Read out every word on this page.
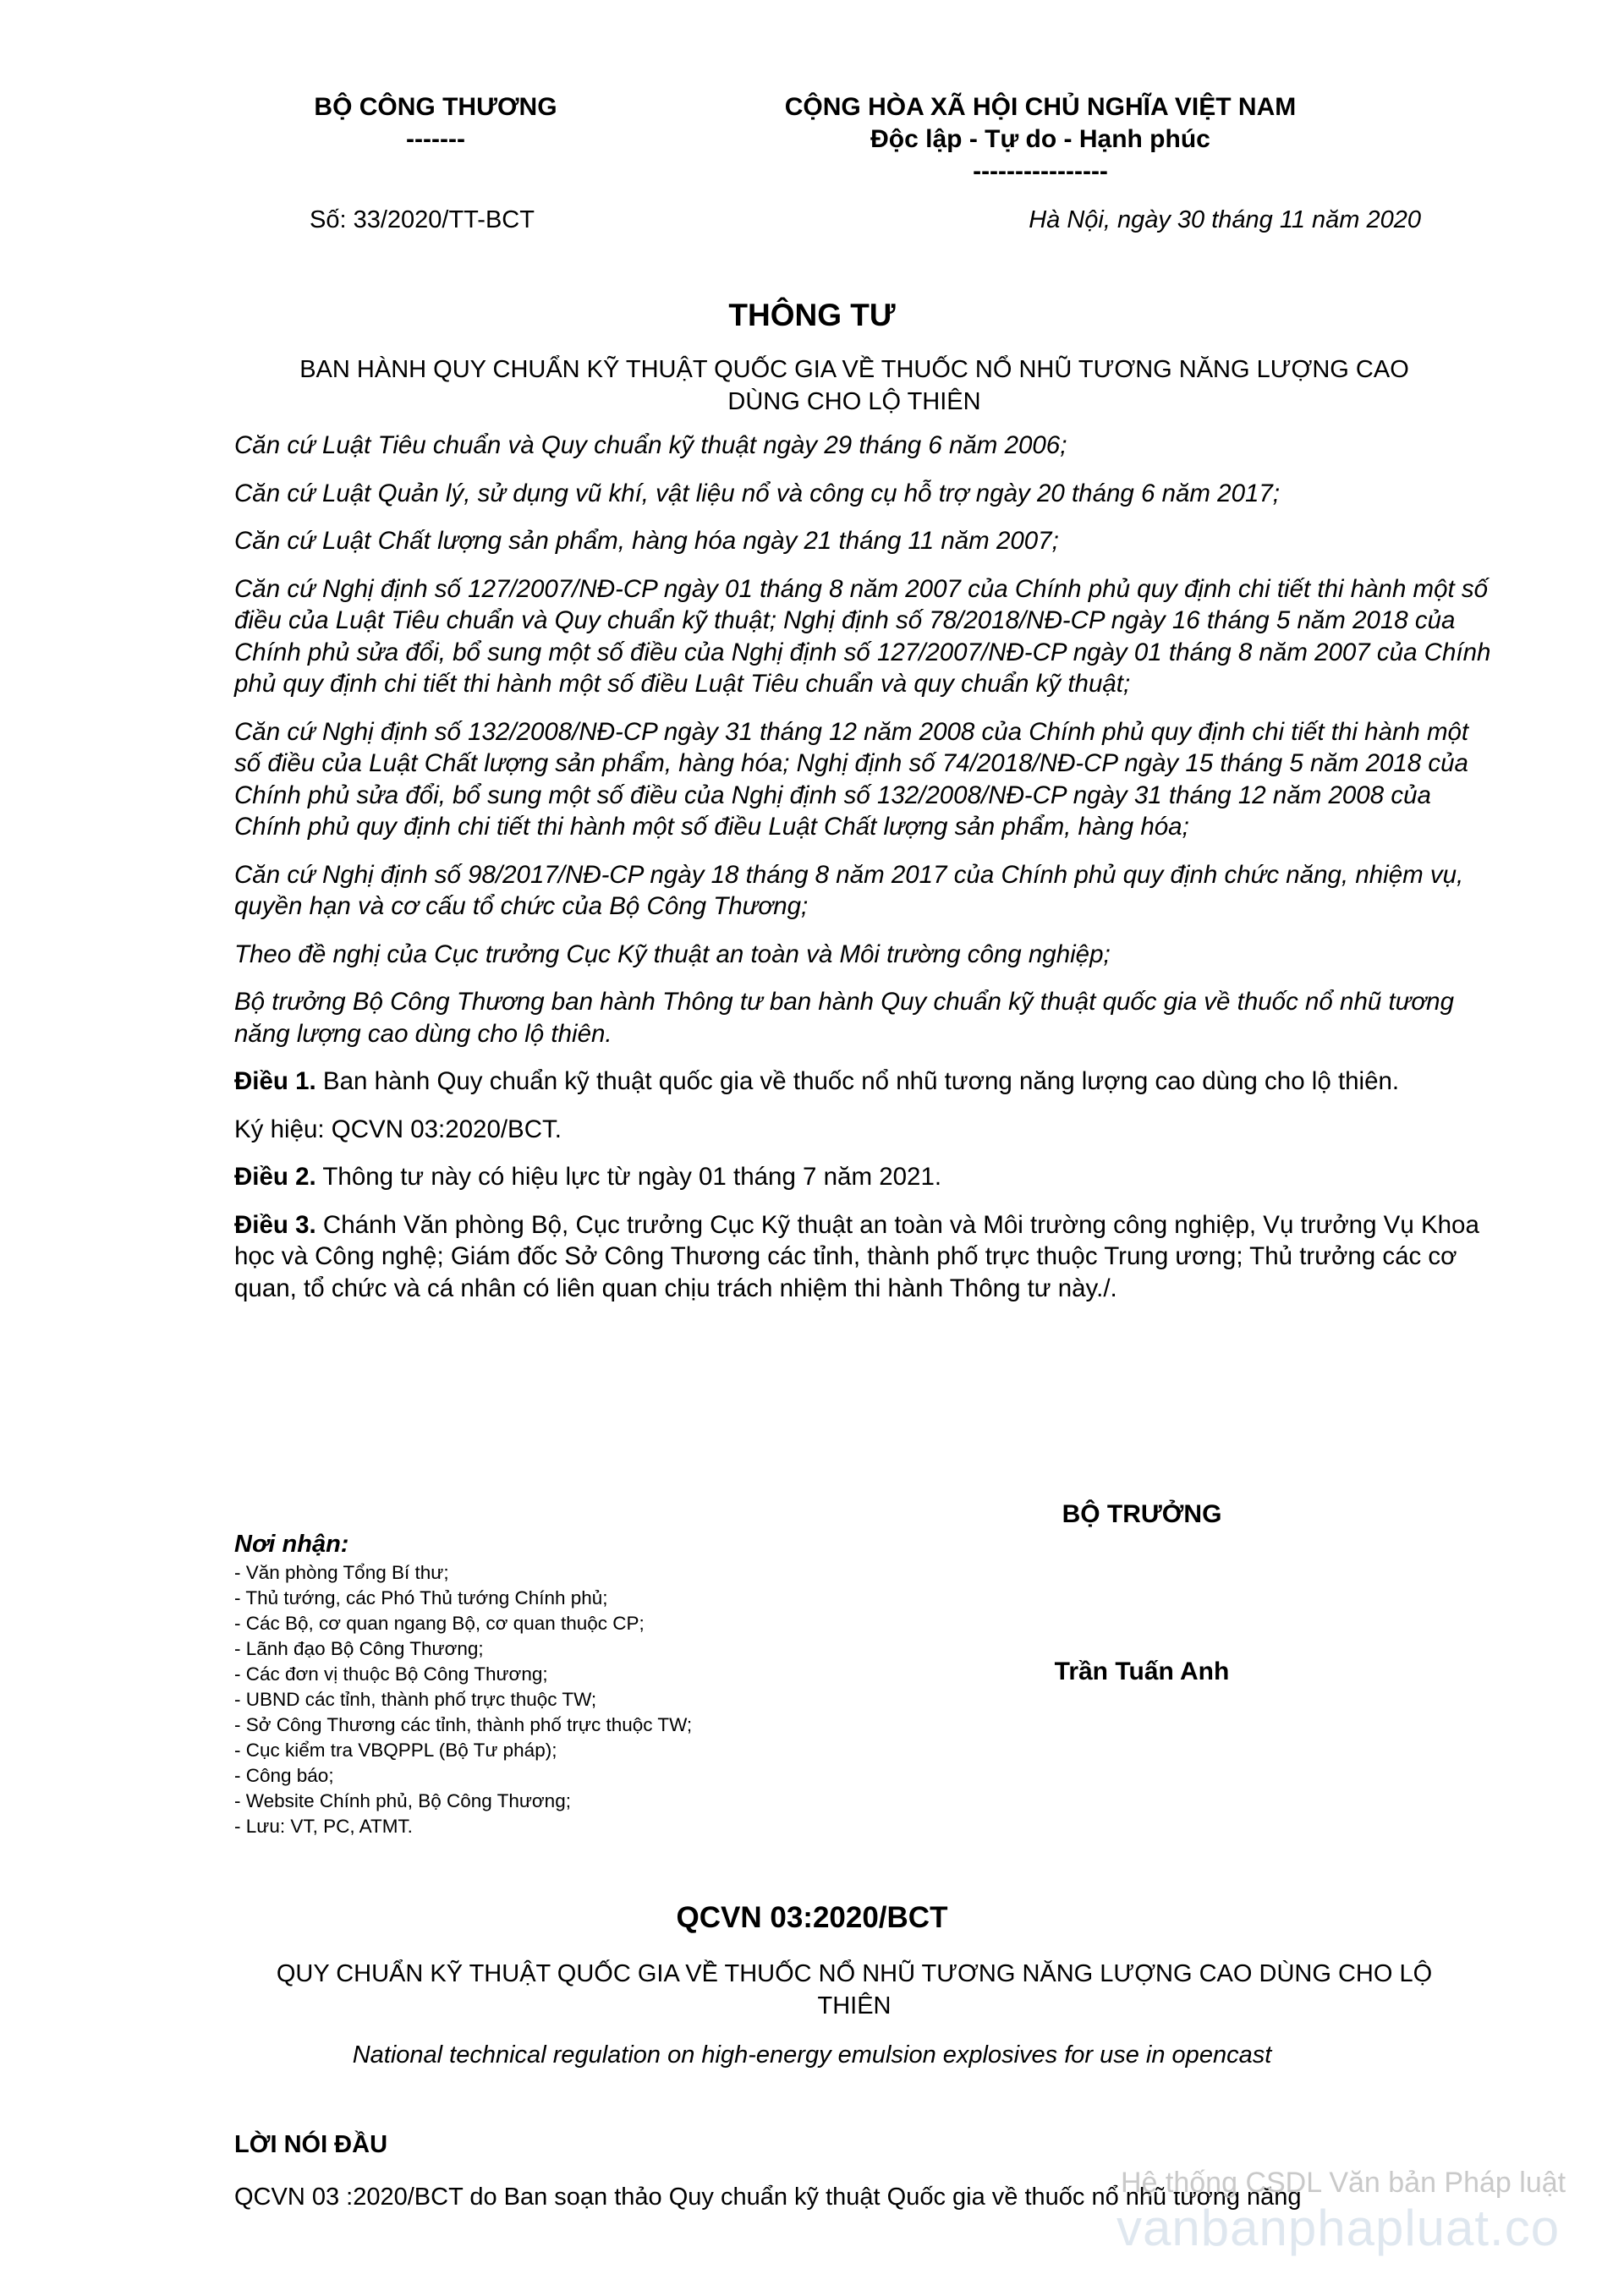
BỘ CÔNG THƯƠNG
-------
CỘNG HÒA XÃ HỘI CHỦ NGHĨA VIỆT NAM
Độc lập - Tự do - Hạnh phúc
----------------
Số: 33/2020/TT-BCT	Hà Nội, ngày 30 tháng 11 năm 2020
THÔNG TƯ
BAN HÀNH QUY CHUẨN KỸ THUẬT QUỐC GIA VỀ THUỐC NỔ NHŨ TƯƠNG NĂNG LƯỢNG CAO DÙNG CHO LỘ THIÊN

Căn cứ Luật Tiêu chuẩn và Quy chuẩn kỹ thuật ngày 29 tháng 6 năm 2006;

Căn cứ Luật Quản lý, sử dụng vũ khí, vật liệu nổ và công cụ hỗ trợ ngày 20 tháng 6 năm 2017;

Căn cứ Luật Chất lượng sản phẩm, hàng hóa ngày 21 tháng 11 năm 2007;

Căn cứ Nghị định số 127/2007/NĐ-CP ngày 01 tháng 8 năm 2007 của Chính phủ quy định chi tiết thi hành một số điều của Luật Tiêu chuẩn và Quy chuẩn kỹ thuật; Nghị định số 78/2018/NĐ-CP ngày 16 tháng 5 năm 2018 của Chính phủ sửa đổi, bổ sung một số điều của Nghị định số 127/2007/NĐ-CP ngày 01 tháng 8 năm 2007 của Chính phủ quy định chi tiết thi hành một số điều Luật Tiêu chuẩn và quy chuẩn kỹ thuật;

Căn cứ Nghị định số 132/2008/NĐ-CP ngày 31 tháng 12 năm 2008 của Chính phủ quy định chi tiết thi hành một số điều của Luật Chất lượng sản phẩm, hàng hóa; Nghị định số 74/2018/NĐ-CP ngày 15 tháng 5 năm 2018 của Chính phủ sửa đổi, bổ sung một số điều của Nghị định số 132/2008/NĐ-CP ngày 31 tháng 12 năm 2008 của Chính phủ quy định chi tiết thi hành một số điều Luật Chất lượng sản phẩm, hàng hóa;

Căn cứ Nghị định số 98/2017/NĐ-CP ngày 18 tháng 8 năm 2017 của Chính phủ quy định chức năng, nhiệm vụ, quyền hạn và cơ cấu tổ chức của Bộ Công Thương;

Theo đề nghị của Cục trưởng Cục Kỹ thuật an toàn và Môi trường công nghiệp;

Bộ trưởng Bộ Công Thương ban hành Thông tư ban hành Quy chuẩn kỹ thuật quốc gia về thuốc nổ nhũ tương năng lượng cao dùng cho lộ thiên.

Điều 1. Ban hành Quy chuẩn kỹ thuật quốc gia về thuốc nổ nhũ tương năng lượng cao dùng cho lộ thiên.

Ký hiệu: QCVN 03:2020/BCT.

Điều 2. Thông tư này có hiệu lực từ ngày 01 tháng 7 năm 2021.

Điều 3. Chánh Văn phòng Bộ, Cục trưởng Cục Kỹ thuật an toàn và Môi trường công nghiệp, Vụ trưởng Vụ Khoa học và Công nghệ; Giám đốc Sở Công Thương các tỉnh, thành phố trực thuộc Trung ương; Thủ trưởng các cơ quan, tổ chức và cá nhân có liên quan chịu trách nhiệm thi hành Thông tư này./.

BỘ TRƯỞNG
Trần Tuấn Anh
Nơi nhận:
- Văn phòng Tổng Bí thư;
- Thủ tướng, các Phó Thủ tướng Chính phủ;
- Các Bộ, cơ quan ngang Bộ, cơ quan thuộc CP;
- Lãnh đạo Bộ Công Thương;
- Các đơn vị thuộc Bộ Công Thương;
- UBND các tỉnh, thành phố trực thuộc TW;
- Sở Công Thương các tỉnh, thành phố trực thuộc TW;
- Cục kiểm tra VBQPPL (Bộ Tư pháp);
- Công báo;
- Website Chính phủ, Bộ Công Thương;
- Lưu: VT, PC, ATMT.
QCVN 03:2020/BCT
QUY CHUẨN KỸ THUẬT QUỐC GIA VỀ THUỐC NỔ NHŨ TƯƠNG NĂNG LƯỢNG CAO DÙNG CHO LỘ THIÊN
National technical regulation on high-energy emulsion explosives for use in opencast
LỜI NÓI ĐẦU
QCVN 03 :2020/BCT do Ban soạn thảo Quy chuẩn kỹ thuật Quốc gia về thuốc nổ nhũ tương năng
Hệ thống CSDL Văn bản Pháp luật
vanbanphapluat.co
